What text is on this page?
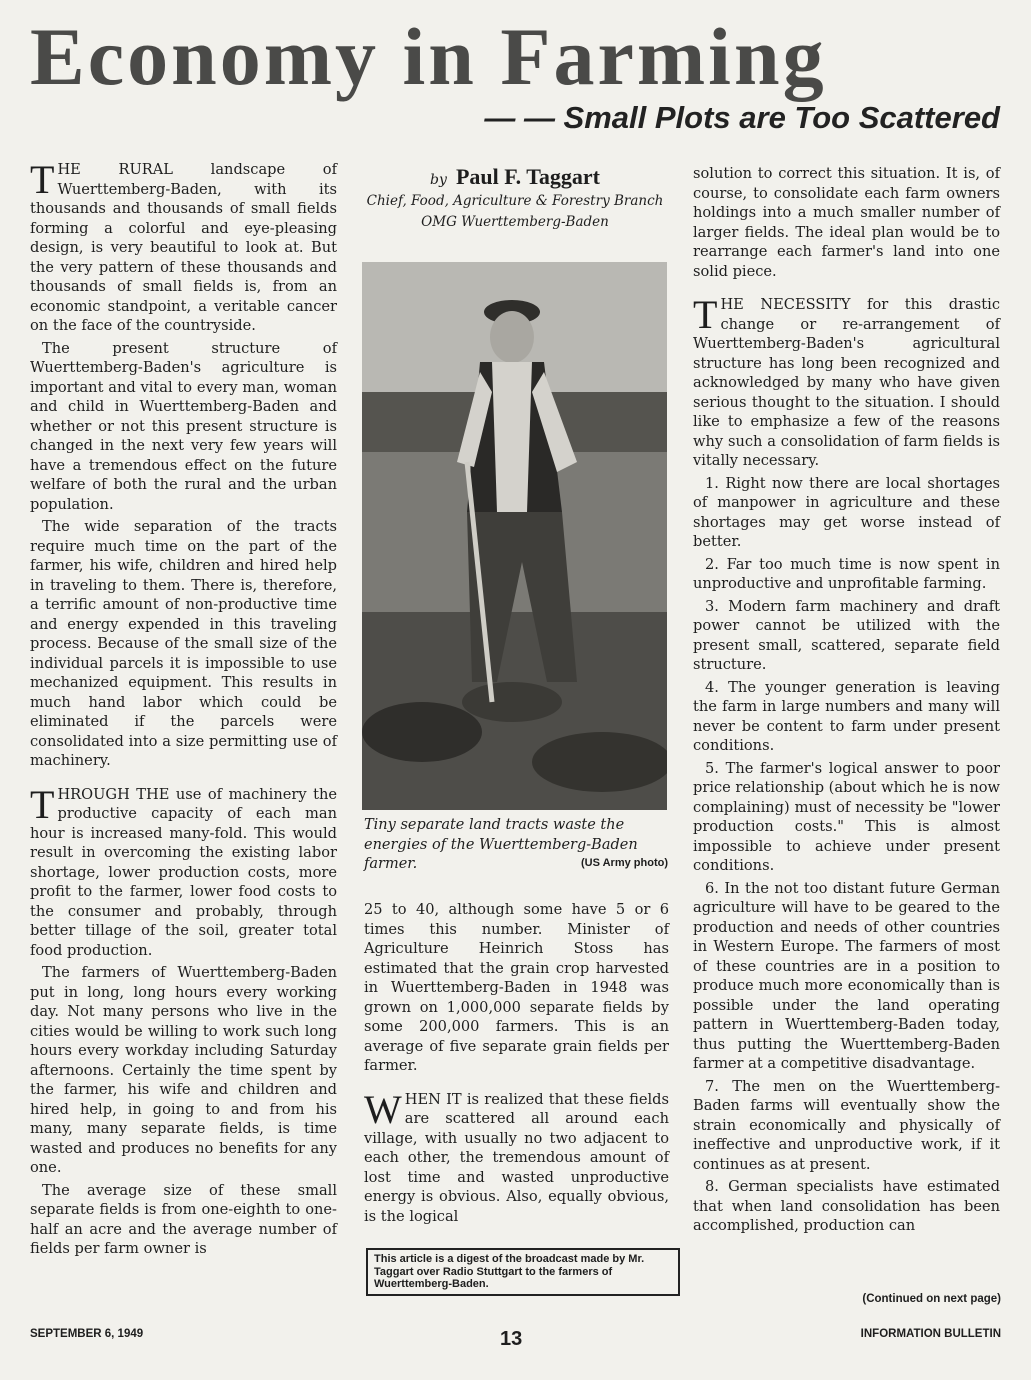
Economy in Farming
— — Small Plots are Too Scattered

THE RURAL landscape of Wuerttemberg-Baden, with its thousands and thousands of small fields forming a colorful and eye-pleasing design, is very beautiful to look at. But the very pattern of these thousands and thousands of small fields is, from an economic standpoint, a veritable cancer on the face of the countryside.

The present structure of Wuerttemberg-Baden's agriculture is important and vital to every man, woman and child in Wuerttemberg-Baden and whether or not this present structure is changed in the next very few years will have a tremendous effect on the future welfare of both the rural and the urban population.

The wide separation of the tracts require much time on the part of the farmer, his wife, children and hired help in traveling to them. There is, therefore, a terrific amount of non-productive time and energy expended in this traveling process. Because of the small size of the individual parcels it is impossible to use mechanized equipment. This results in much hand labor which could be eliminated if the parcels were consolidated into a size permitting use of machinery.

THROUGH THE use of machinery the productive capacity of each man hour is increased many-fold. This would result in overcoming the existing labor shortage, lower production costs, more profit to the farmer, lower food costs to the consumer and probably, through better tillage of the soil, greater total food production.

The farmers of Wuerttemberg-Baden put in long, long hours every working day. Not many persons who live in the cities would be willing to work such long hours every workday including Saturday afternoons. Certainly the time spent by the farmer, his wife and children and hired help, in going to and from his many, many separate fields, is time wasted and produces no benefits for any one.

The average size of these small separate fields is from one-eighth to one-half an acre and the average number of fields per farm owner is

by Paul F. Taggart
Chief, Food, Agriculture & Forestry Branch
OMG Wuerttemberg-Baden
Tiny separate land tracts waste the energies of the Wuerttemberg-Baden farmer.	(US Army photo)

25 to 40, although some have 5 or 6 times this number. Minister of Agriculture Heinrich Stoss has estimated that the grain crop harvested in Wuerttemberg-Baden in 1948 was grown on 1,000,000 separate fields by some 200,000 farmers. This is an average of five separate grain fields per farmer.

WHEN IT is realized that these fields are scattered all around each village, with usually no two adjacent to each other, the tremendous amount of lost time and wasted unproductive energy is obvious. Also, equally obvious, is the logical

This article is a digest of the broadcast made by Mr. Taggart over Radio Stuttgart to the farmers of Wuerttemberg-Baden.

solution to correct this situation. It is, of course, to consolidate each farm owners holdings into a much smaller number of larger fields. The ideal plan would be to rearrange each farmer's land into one solid piece.

THE NECESSITY for this drastic change or re-arrangement of Wuerttemberg-Baden's agricultural structure has long been recognized and acknowledged by many who have given serious thought to the situation. I should like to emphasize a few of the reasons why such a consolidation of farm fields is vitally necessary.

1. Right now there are local shortages of manpower in agriculture and these shortages may get worse instead of better.

2. Far too much time is now spent in unproductive and unprofitable farming.

3. Modern farm machinery and draft power cannot be utilized with the present small, scattered, separate field structure.

4. The younger generation is leaving the farm in large numbers and many will never be content to farm under present conditions.

5. The farmer's logical answer to poor price relationship (about which he is now complaining) must of necessity be "lower production costs." This is almost impossible to achieve under present conditions.

6. In the not too distant future German agriculture will have to be geared to the production and needs of other countries in Western Europe. The farmers of most of these countries are in a position to produce much more economically than is possible under the land operating pattern in Wuerttemberg-Baden today, thus putting the Wuerttemberg-Baden farmer at a competitive disadvantage.

7. The men on the Wuerttemberg-Baden farms will eventually show the strain economically and physically of ineffective and unproductive work, if it continues as at present.

8. German specialists have estimated that when land consolidation has been accomplished, production can

(Continued on next page)
SEPTEMBER 6, 1949	13	INFORMATION BULLETIN
